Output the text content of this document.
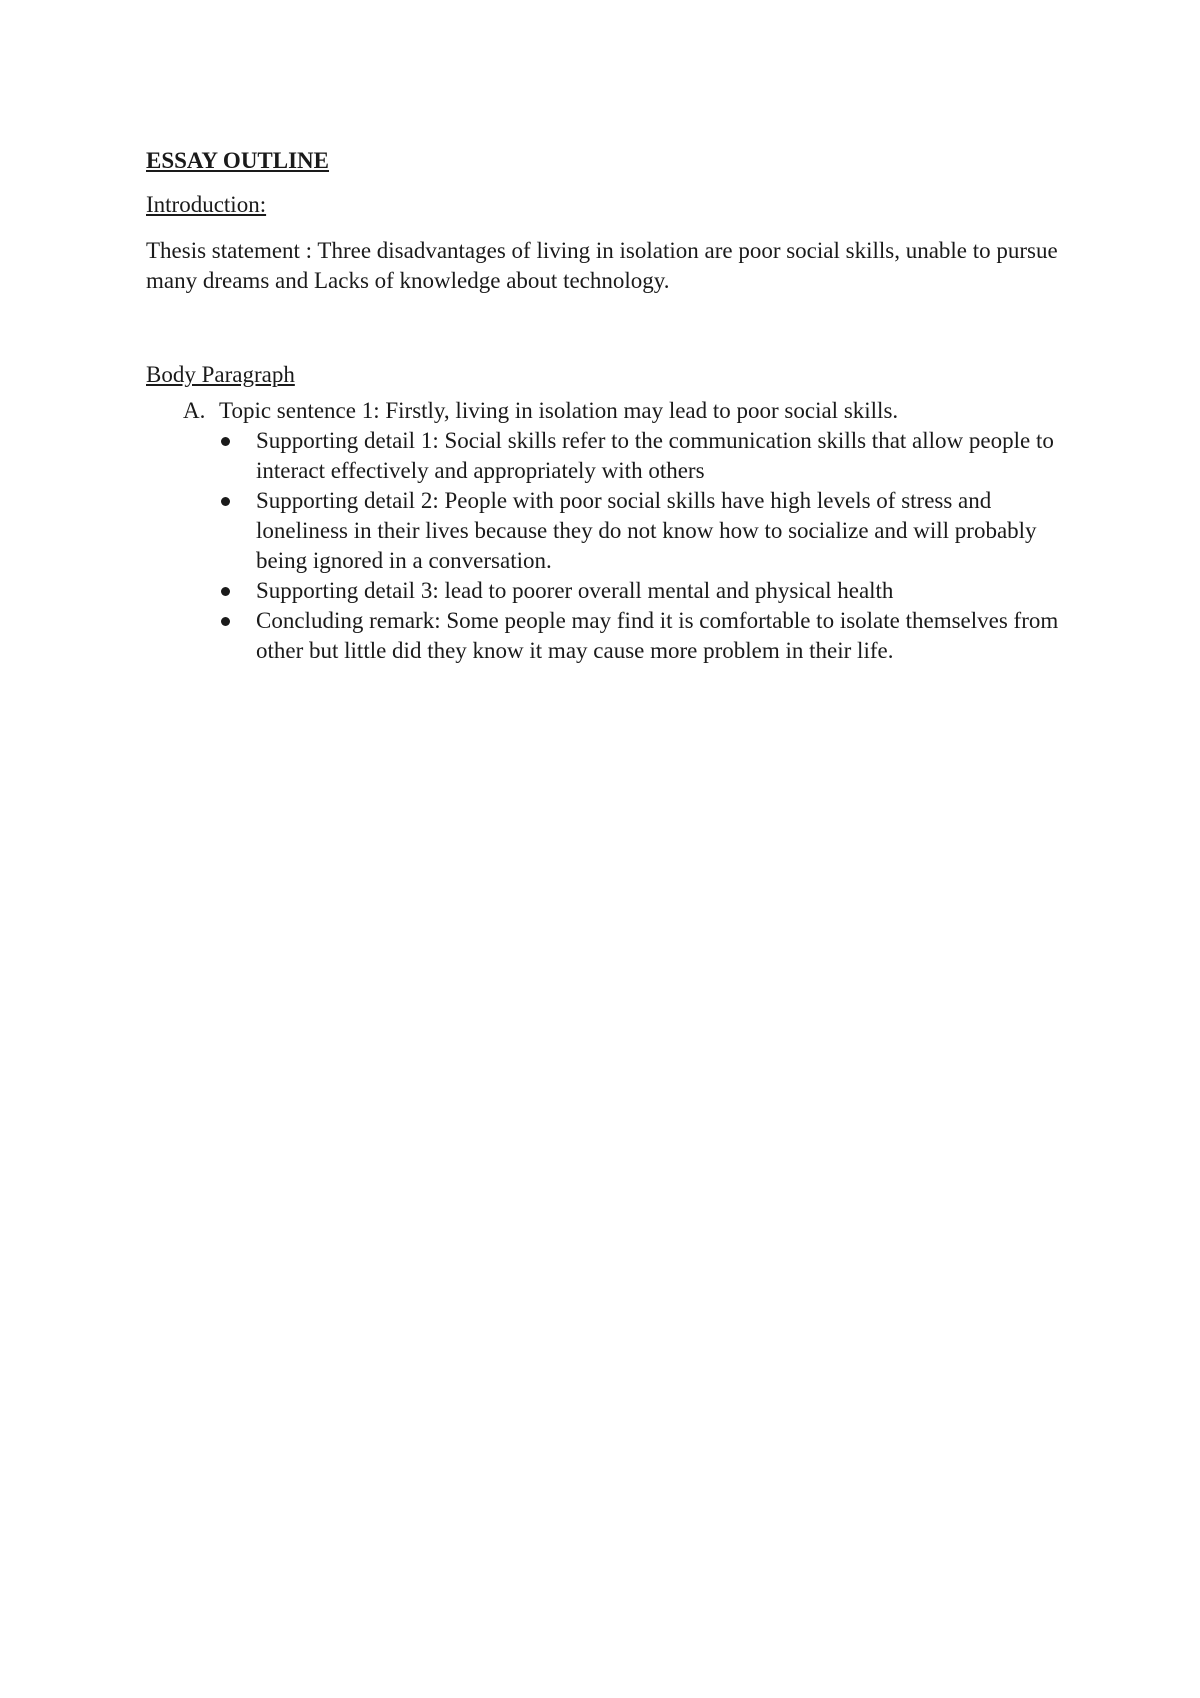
ESSAY OUTLINE

Introduction:

Thesis statement : Three disadvantages of living in isolation are poor social skills, unable to pursue many dreams and Lacks of knowledge about technology.

Body Paragraph

A. Topic sentence 1: Firstly, living in isolation may lead to poor social skills.
Supporting detail 1: Social skills refer to the communication skills that allow people to interact effectively and appropriately with others
Supporting detail 2: People with poor social skills have high levels of stress and loneliness in their lives because they do not know how to socialize and will probably being ignored in a conversation.
Supporting detail 3: lead to poorer overall mental and physical health
Concluding remark: Some people may find it is comfortable to isolate themselves from other but little did they know it may cause more problem in their life.
